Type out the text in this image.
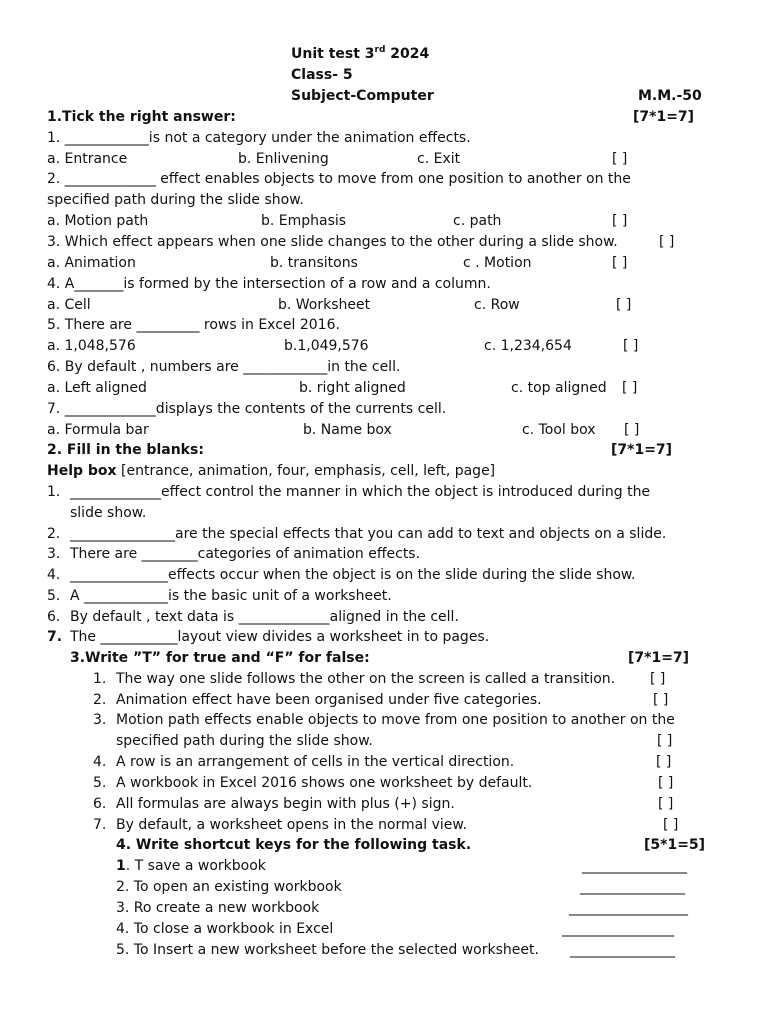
Unit test 3rd 2024
Class- 5
Subject-Computer	M.M.-50
1.Tick the right answer:	[7*1=7]
1. ____________is not a category under the animation effects.
a. Entrance	b. Enlivening	c. Exit	[ ]
2. _____________ effect enables objects to move from one position to another on the
specified path during the slide show.
a. Motion path	b. Emphasis	c. path	[ ]
3. Which effect appears when one slide changes to the other during a slide show.	[ ]
a. Animation	b. transitons	c . Motion	[ ]
4. A_______is formed by the intersection of a row and a column.
a. Cell	b. Worksheet	c. Row	[ ]
5. There are _________ rows in Excel 2016.
a. 1,048,576	b.1,049,576	c. 1,234,654	[ ]
6. By default , numbers are ____________in the cell.
a. Left aligned	b. right aligned	c. top aligned [ ]
7. _____________displays the contents of the currents cell.
a. Formula bar	b. Name box	c. Tool box [ ]
2. Fill in the blanks:	[7*1=7]
Help box [entrance, animation, four, emphasis, cell, left, page]
1. _____________effect control the manner in which the object is introduced during the
slide show.
2. _______________are the special effects that you can add to text and objects on a slide.
3. There are ________categories of animation effects.
4. ______________effects occur when the object is on the slide during the slide show.
5. A ____________is the basic unit of a worksheet.
6. By default , text data is _____________aligned in the cell.
7. The ___________layout view divides a worksheet in to pages.
3.Write ”T” for true and “F” for false:	[7*1=7]
1. The way one slide follows the other on the screen is called a transition. [ ]
2. Animation effect have been organised under five categories.	[ ]
3. Motion path effects enable objects to move from one position to another on the
specified path during the slide show.	[ ]
4. A row is an arrangement of cells in the vertical direction.	[ ]
5. A workbook in Excel 2016 shows one worksheet by default.	[ ]
6. All formulas are always begin with plus (+) sign.	[ ]
7. By default, a worksheet opens in the normal view.	[ ]
4. Write shortcut keys for the following task.	[5*1=5]
1. T save a workbook	_______________
2. To open an existing workbook	_______________
3. Ro create a new workbook	_________________
4. To close a workbook in Excel	________________
5. To Insert a new worksheet before the selected worksheet. _______________
